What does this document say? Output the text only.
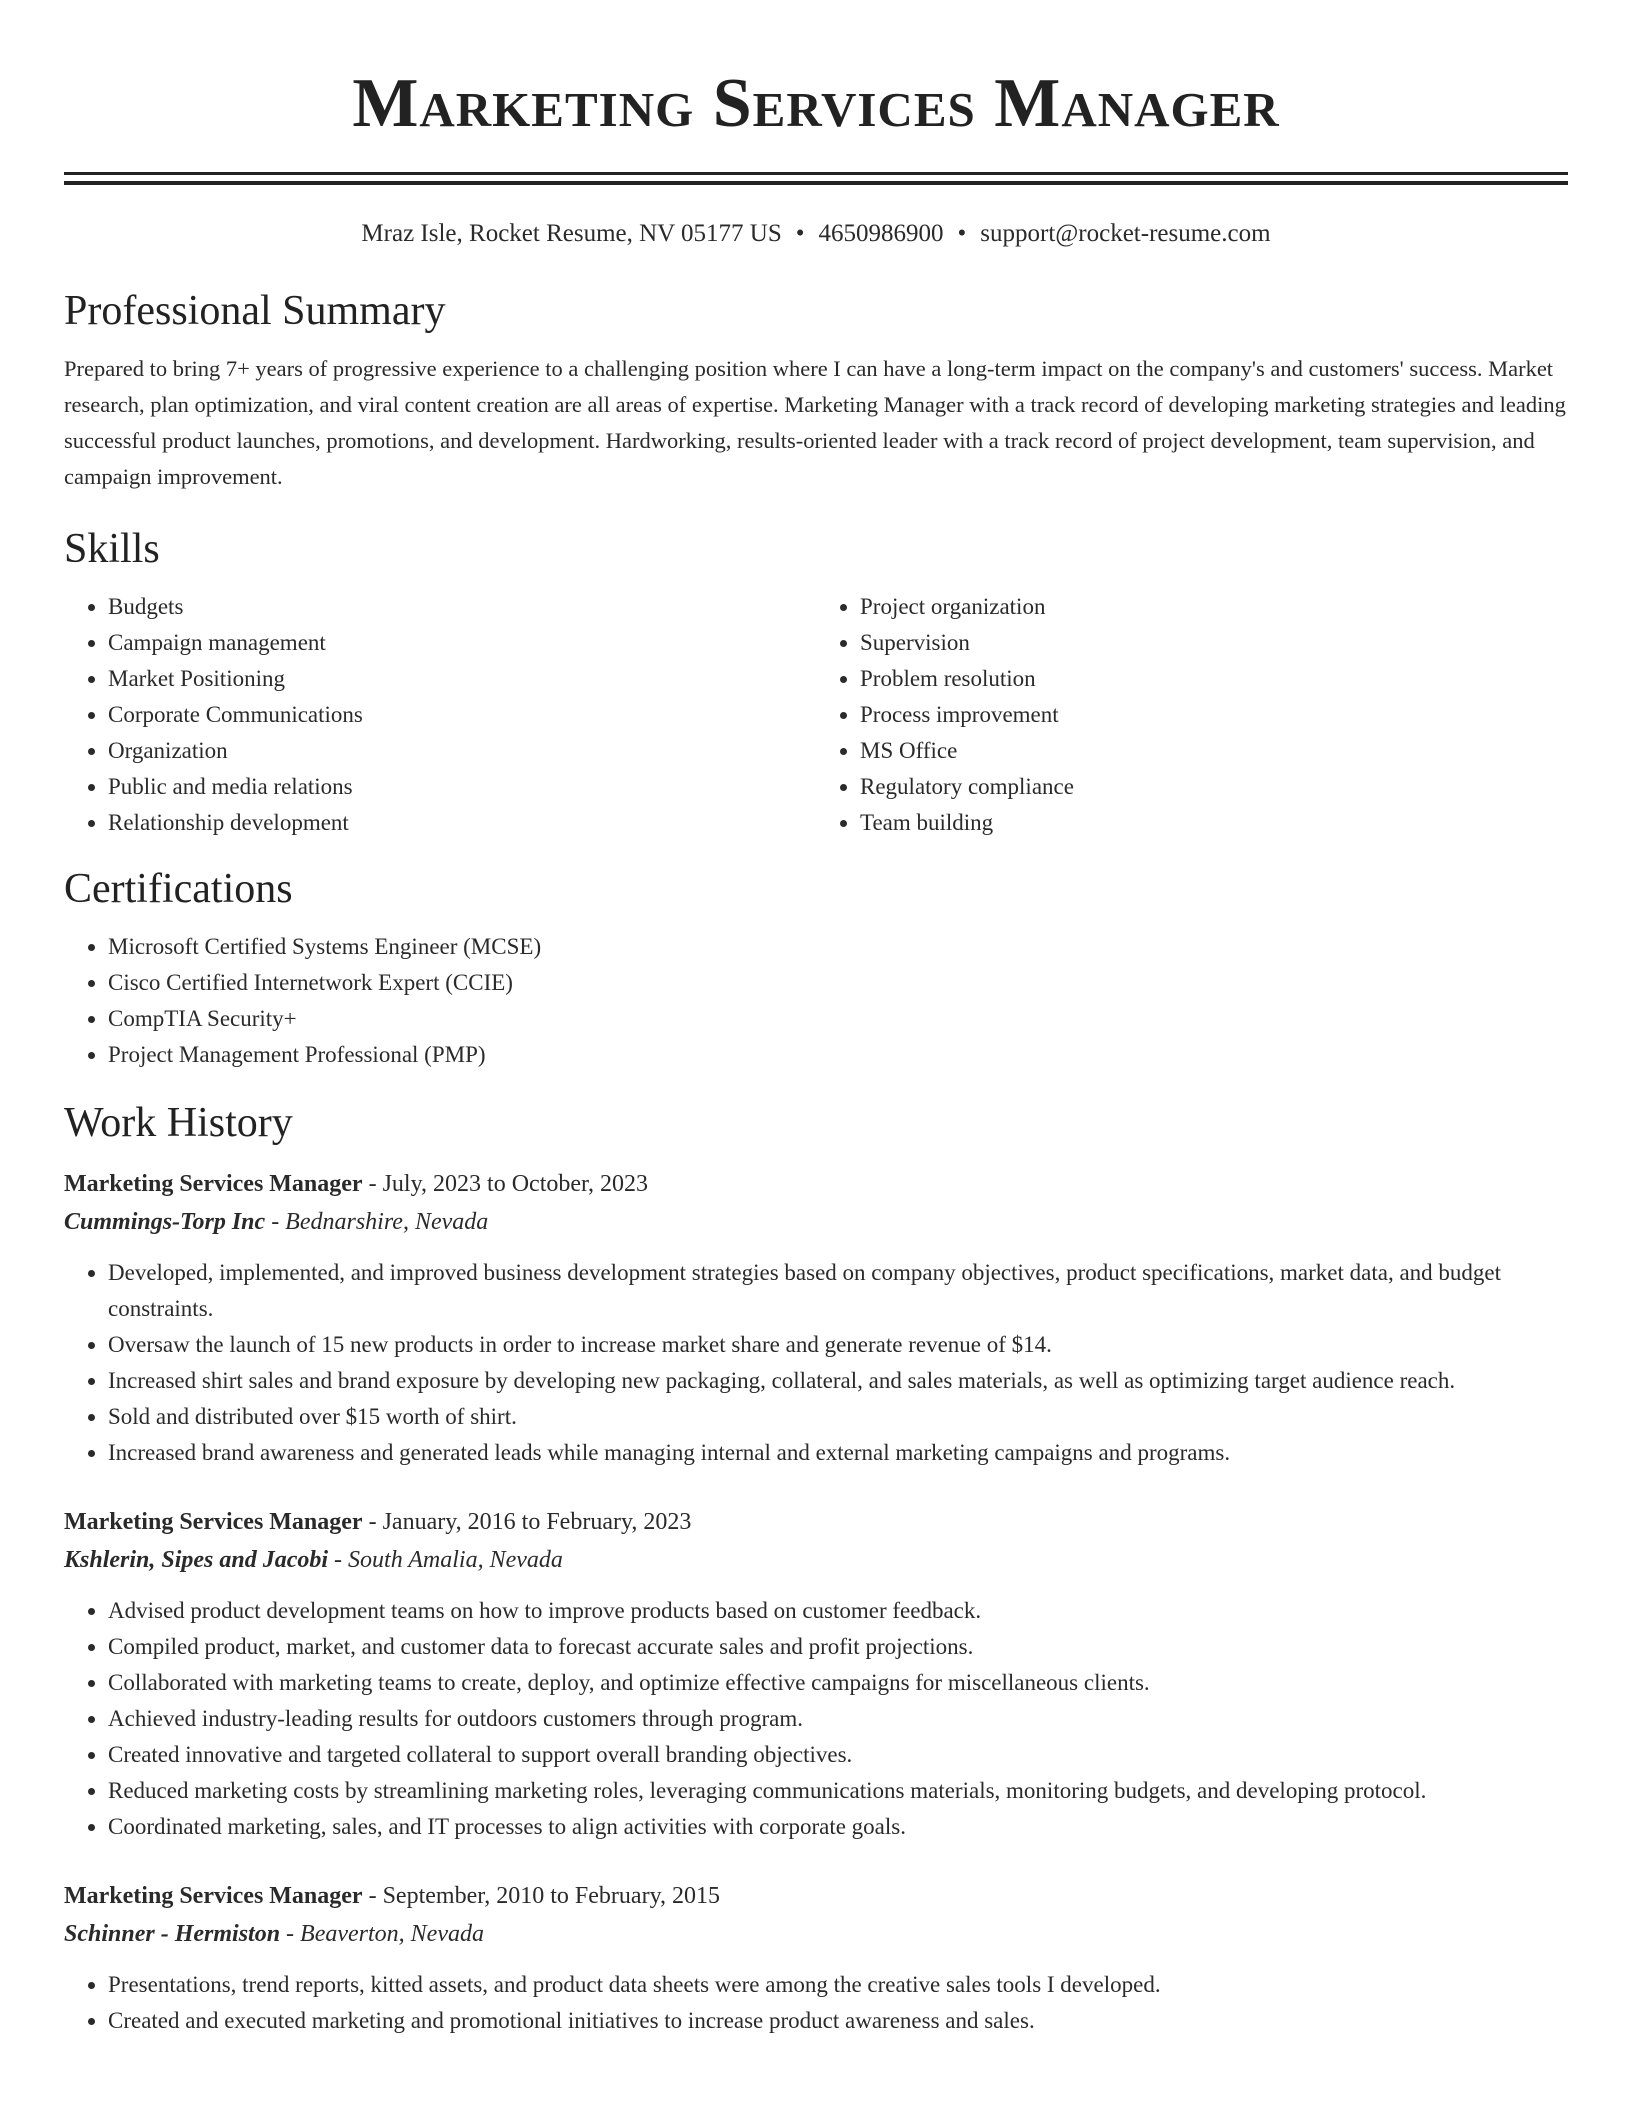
Marketing Services Manager
Mraz Isle, Rocket Resume, NV 05177 US • 4650986900 • support@rocket-resume.com
Professional Summary

Prepared to bring 7+ years of progressive experience to a challenging position where I can have a long-term impact on the company's and customers' success. Market research, plan optimization, and viral content creation are all areas of expertise. Marketing Manager with a track record of developing marketing strategies and leading successful product launches, promotions, and development. Hardworking, results-oriented leader with a track record of project development, team supervision, and campaign improvement.

Skills
• Budgets
• Campaign management
• Market Positioning
• Corporate Communications
• Organization
• Public and media relations
• Relationship development
• Project organization
• Supervision
• Problem resolution
• Process improvement
• MS Office
• Regulatory compliance
• Team building
Certifications
• Microsoft Certified Systems Engineer (MCSE)
• Cisco Certified Internetwork Expert (CCIE)
• CompTIA Security+
• Project Management Professional (PMP)
Work History
Marketing Services Manager - July, 2023 to October, 2023
Cummings-Torp Inc - Bednarshire, Nevada
• Developed, implemented, and improved business development strategies based on company objectives, product specifications, market data, and budget constraints.
• Oversaw the launch of 15 new products in order to increase market share and generate revenue of $14.
• Increased shirt sales and brand exposure by developing new packaging, collateral, and sales materials, as well as optimizing target audience reach.
• Sold and distributed over $15 worth of shirt.
• Increased brand awareness and generated leads while managing internal and external marketing campaigns and programs.
Marketing Services Manager - January, 2016 to February, 2023
Kshlerin, Sipes and Jacobi - South Amalia, Nevada
• Advised product development teams on how to improve products based on customer feedback.
• Compiled product, market, and customer data to forecast accurate sales and profit projections.
• Collaborated with marketing teams to create, deploy, and optimize effective campaigns for miscellaneous clients.
• Achieved industry-leading results for outdoors customers through program.
• Created innovative and targeted collateral to support overall branding objectives.
• Reduced marketing costs by streamlining marketing roles, leveraging communications materials, monitoring budgets, and developing protocol.
• Coordinated marketing, sales, and IT processes to align activities with corporate goals.
Marketing Services Manager - September, 2010 to February, 2015
Schinner - Hermiston - Beaverton, Nevada
• Presentations, trend reports, kitted assets, and product data sheets were among the creative sales tools I developed.
• Created and executed marketing and promotional initiatives to increase product awareness and sales.
